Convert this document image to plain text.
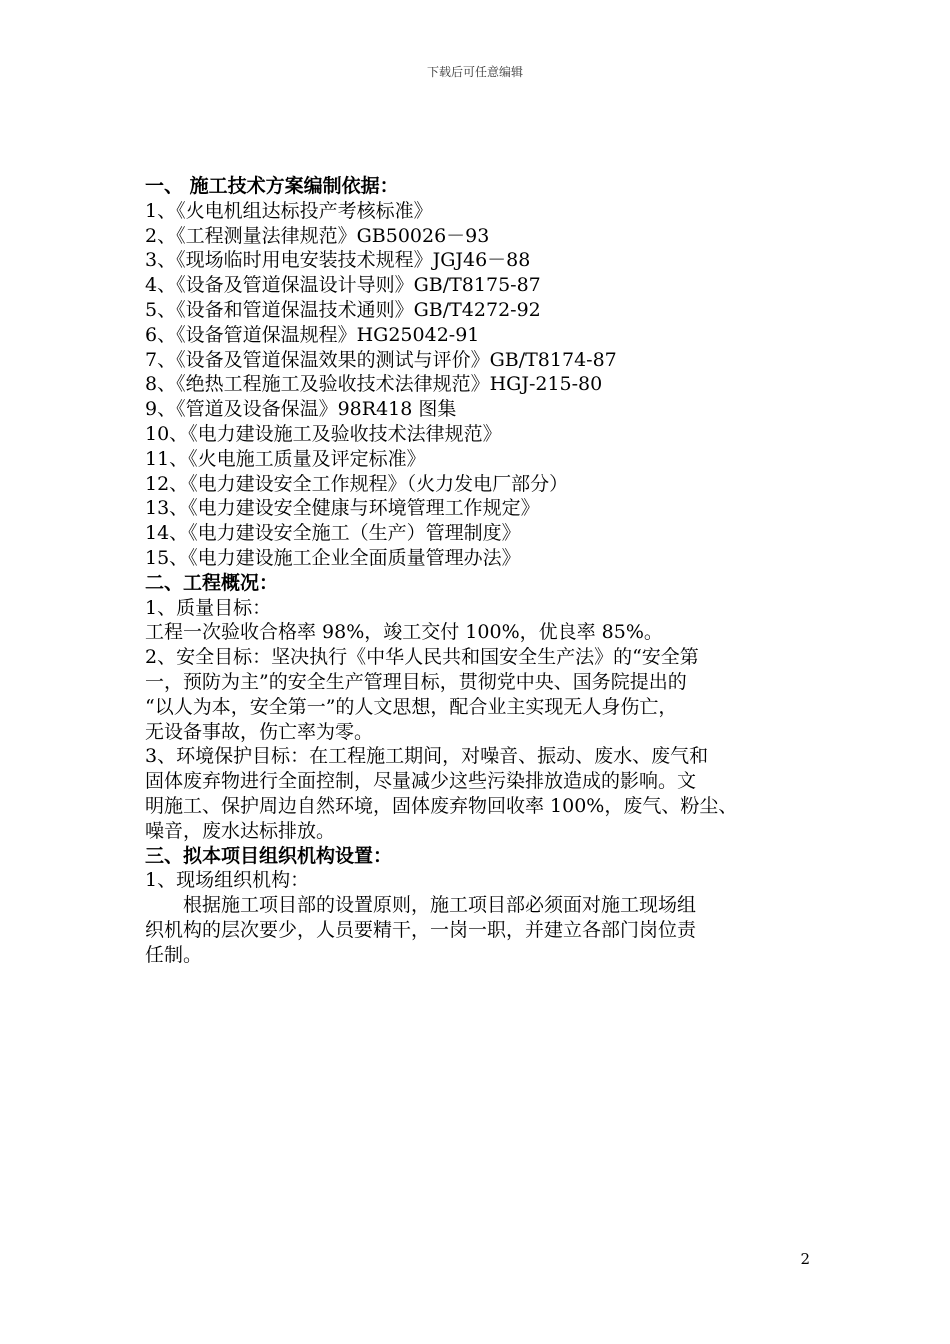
下载后可任意编辑
一、 施工技术方案编制依据：
1、《火电机组达标投产考核标准》
2、《工程测量法律规范》GB50026－93
3、《现场临时用电安装技术规程》JGJ46－88
4、《设备及管道保温设计导则》GB/T8175-87
5、《设备和管道保温技术通则》GB/T4272-92
6、《设备管道保温规程》HG25042-91
7、《设备及管道保温效果的测试与评价》GB/T8174-87
8、《绝热工程施工及验收技术法律规范》HGJ-215-80
9、《管道及设备保温》98R418 图集
10、《电力建设施工及验收技术法律规范》
11、《火电施工质量及评定标准》
12、《电力建设安全工作规程》（火力发电厂部分）
13、《电力建设安全健康与环境管理工作规定》
14、《电力建设安全施工（生产）管理制度》
15、《电力建设施工企业全面质量管理办法》
二、工程概况：
1、质量目标：
工程一次验收合格率 98%，竣工交付 100%，优良率 85%。
2、安全目标：坚决执行《中华人民共和国安全生产法》的“安全第
一，预防为主”的安全生产管理目标，贯彻党中央、国务院提出的
“以人为本，安全第一”的人文思想，配合业主实现无人身伤亡，
无设备事故，伤亡率为零。
3、环境保护目标：在工程施工期间，对噪音、振动、废水、废气和
固体废弃物进行全面控制，尽量减少这些污染排放造成的影响。文
明施工、保护周边自然环境，固体废弃物回收率 100%，废气、粉尘、
噪音，废水达标排放。
三、拟本项目组织机构设置：
1、现场组织机构：
　　根据施工项目部的设置原则，施工项目部必须面对施工现场组
织机构的层次要少，人员要精干，一岗一职，并建立各部门岗位责
任制。
2
